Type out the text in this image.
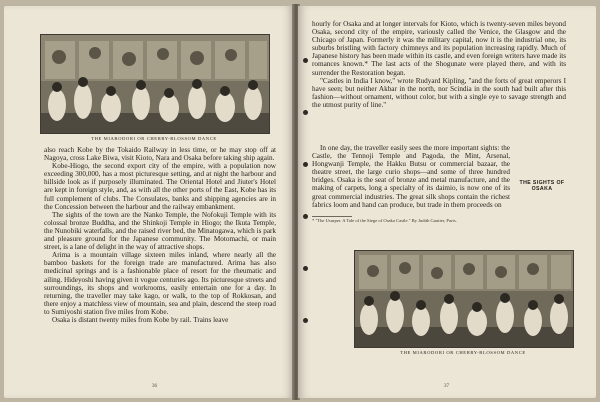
THE MIARODORI OR CHERRY-BLOSSOM DANCE

also reach Kobe by the Tokaido Railway in less time, or he may stop off at Nagoya, cross Lake Biwa, visit Kioto, Nara and Osaka before taking ship again.

Kobe-Hiogo, the second export city of the empire, with a population now exceeding 300,000, has a most picturesque setting, and at night the harbour and hillside look as if purposely illuminated. The Oriental Hotel and Jiuter's Hotel are kept in foreign style, and, as with all the other ports of the East, Kobe has its full complement of clubs. The Consulates, banks and shipping agencies are in the Concession between the harbour and the railway embankment.

The sights of the town are the Nanko Temple, the Nofokuji Temple with its colossal bronze Buddha, and the Shinkoji Temple in Hiogo; the Ikuta Temple, the Nunobiki waterfalls, and the raised river bed, the Minatogawa, which is park and pleasure ground for the Japanese community. The Motomachi, or main street, is a lane of delight in the way of attractive shops.

Arima is a mountain village sixteen miles inland, where nearly all the bamboo baskets for the foreign trade are manufactured. Arima has also medicinal springs and is a fashionable place of resort for the rheumatic and ailing. Hideyoshi having given it vogue centuries ago. Its picturesque streets and surroundings, its shops and workrooms, easily entertain one for a day. In returning, the traveller may take kago, or walk, to the top of Rokkosan, and there enjoy a matchless view of mountain, sea and plain, descend the steep road to Sumiyoshi station five miles from Kobe.

Osaka is distant twenty miles from Kobe by rail. Trains leave

36

hourly for Osaka and at longer intervals for Kioto, which is twenty-seven miles beyond Osaka, second city of the empire, variously called the Venice, the Glasgow and the Chicago of Japan. Formerly it was the military capital, now it is the industrial one, its suburbs bristling with factory chimneys and its population increasing rapidly. Much of Japanese history has been made within its castle, and even foreign writers have made its romances known.* The last acts of the Shogunate were played there, and with its surrender the Restoration began.

"Castles in India I know," wrote Rudyard Kipling, "and the forts of great emperors I have seen; but neither Akbar in the north, nor Scindia in the south had built after this fashion—without ornament, without color, but with a single eye to savage strength and the utmost purity of line."

In one day, the traveller easily sees the more important sights: the Castle, the Tennoji Temple and Pagoda, the Mint, Arsenal, Hongwanji Temple, the Hakku Butsu or commercial bazaar, the theatre street, the large curio shops—and some of three hundred bridges. Osaka is the seat of bronze and metal manufacture, and the making of carpets, long a specialty of its daimio, is now one of its great commercial industries. The great silk shops contain the richest fabrics loom and hand can produce, but trade in them proceeds on

THE SIGHTS OF OSAKA
* "The Usurper. A Tale of the Siege of Osaka Castle." By Judith Gautier, Paris.
THE MIARODORI OR CHERRY-BLOSSOM DANCE
37
